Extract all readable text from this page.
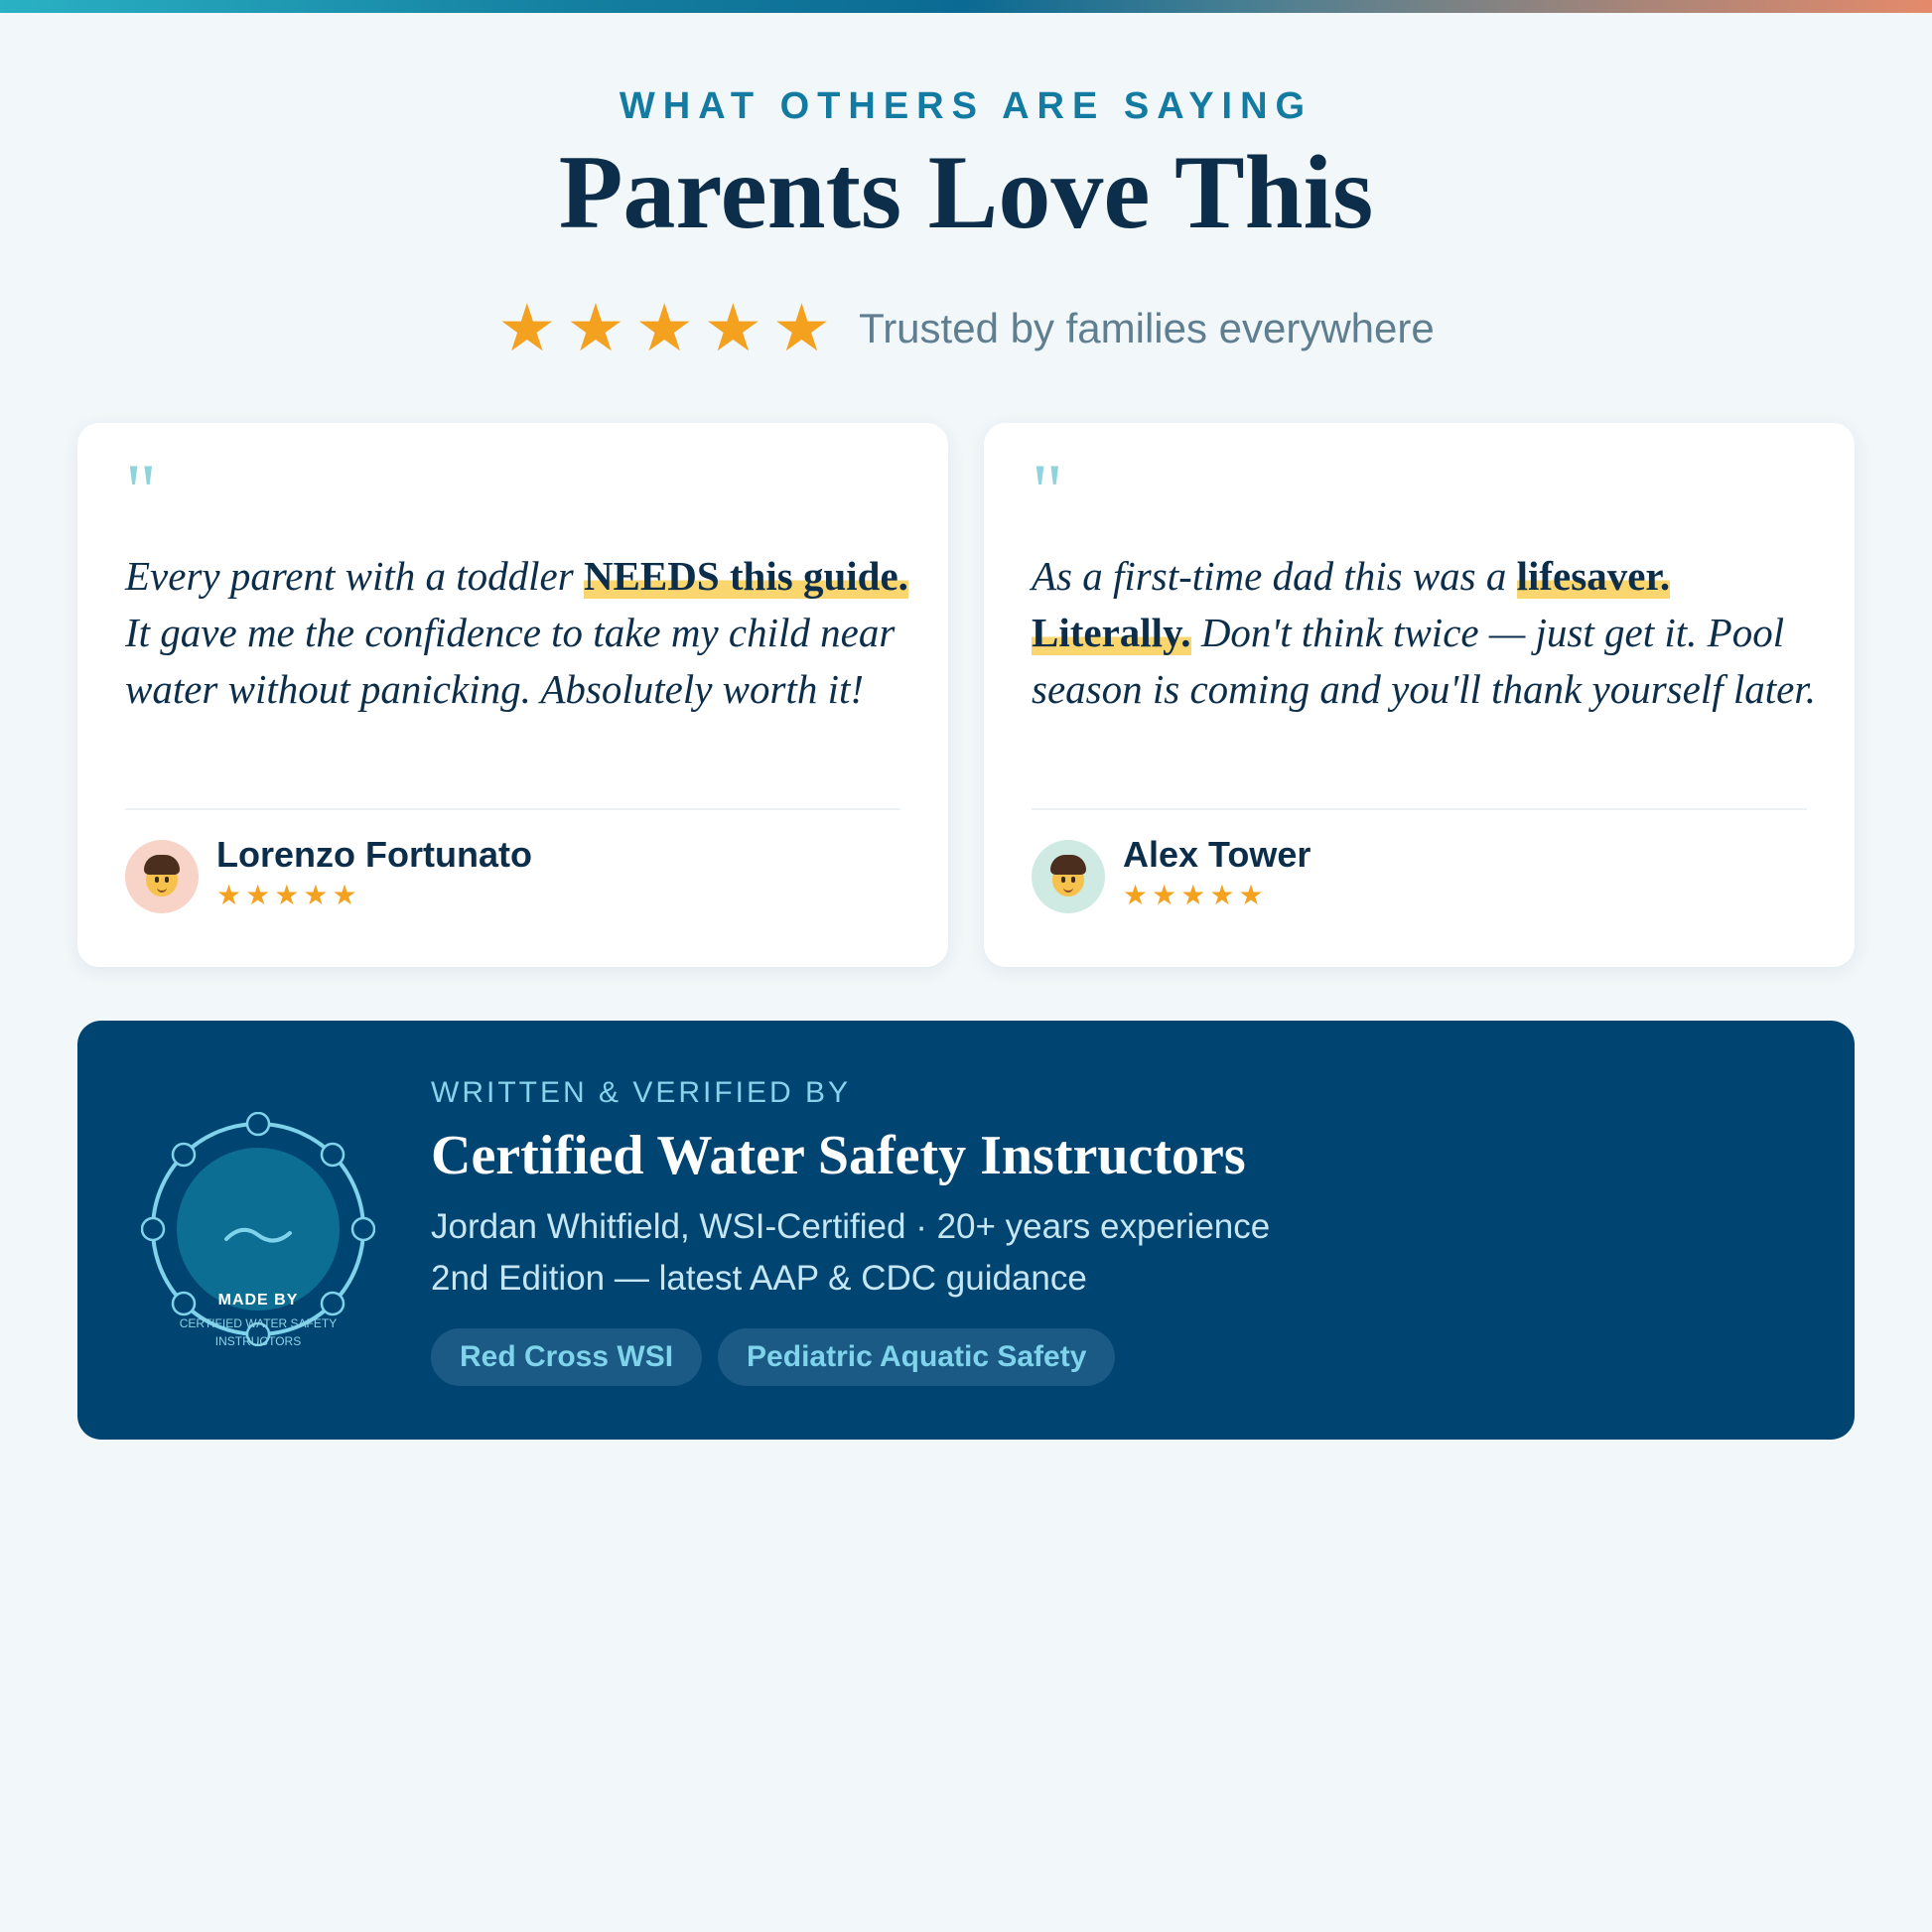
WHAT OTHERS ARE SAYING
Parents Love This
★ ★ ★ ★ ★ Trusted by families everywhere
"
Every parent with a toddler NEEDS this guide. It gave me the confidence to take my child near water without panicking. Absolutely worth it!
Lorenzo Fortunato
★ ★ ★ ★ ★
"
As a first-time dad this was a lifesaver. Literally. Don't think twice — just get it. Pool season is coming and you'll thank yourself later.
Alex Tower
★ ★ ★ ★ ★
MADE BY
CERTIFIED WATER SAFETY INSTRUCTORS
WRITTEN & VERIFIED BY
Certified Water Safety Instructors
Jordan Whitfield, WSI-Certified · 20+ years experience
2nd Edition — latest AAP & CDC guidance
Red Cross WSI	Pediatric Aquatic Safety
